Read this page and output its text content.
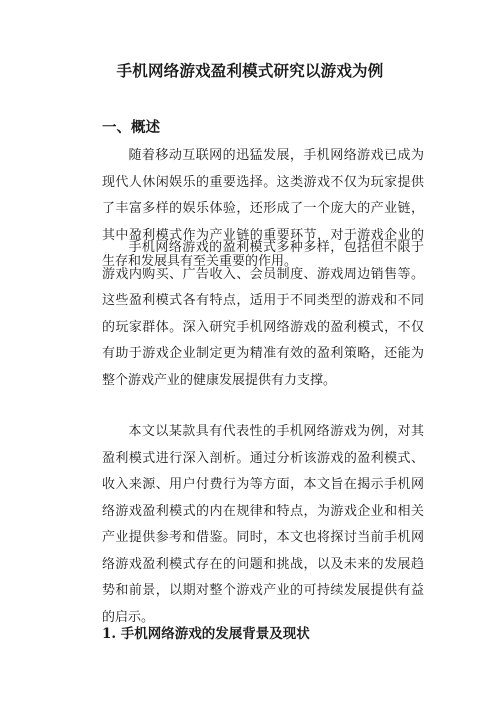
手机网络游戏盈利模式研究以游戏为例
一、概述

随着移动互联网的迅猛发展，手机网络游戏已成为现代人休闲娱乐的重要选择。这类游戏不仅为玩家提供了丰富多样的娱乐体验，还形成了一个庞大的产业链，其中盈利模式作为产业链的重要环节，对于游戏企业的生存和发展具有至关重要的作用。

手机网络游戏的盈利模式多种多样，包括但不限于游戏内购买、广告收入、会员制度、游戏周边销售等。这些盈利模式各有特点，适用于不同类型的游戏和不同的玩家群体。深入研究手机网络游戏的盈利模式，不仅有助于游戏企业制定更为精准有效的盈利策略，还能为整个游戏产业的健康发展提供有力支撑。

本文以某款具有代表性的手机网络游戏为例，对其盈利模式进行深入剖析。通过分析该游戏的盈利模式、收入来源、用户付费行为等方面，本文旨在揭示手机网络游戏盈利模式的内在规律和特点，为游戏企业和相关产业提供参考和借鉴。同时，本文也将探讨当前手机网络游戏盈利模式存在的问题和挑战，以及未来的发展趋势和前景，以期对整个游戏产业的可持续发展提供有益的启示。

1. 手机网络游戏的发展背景及现状
